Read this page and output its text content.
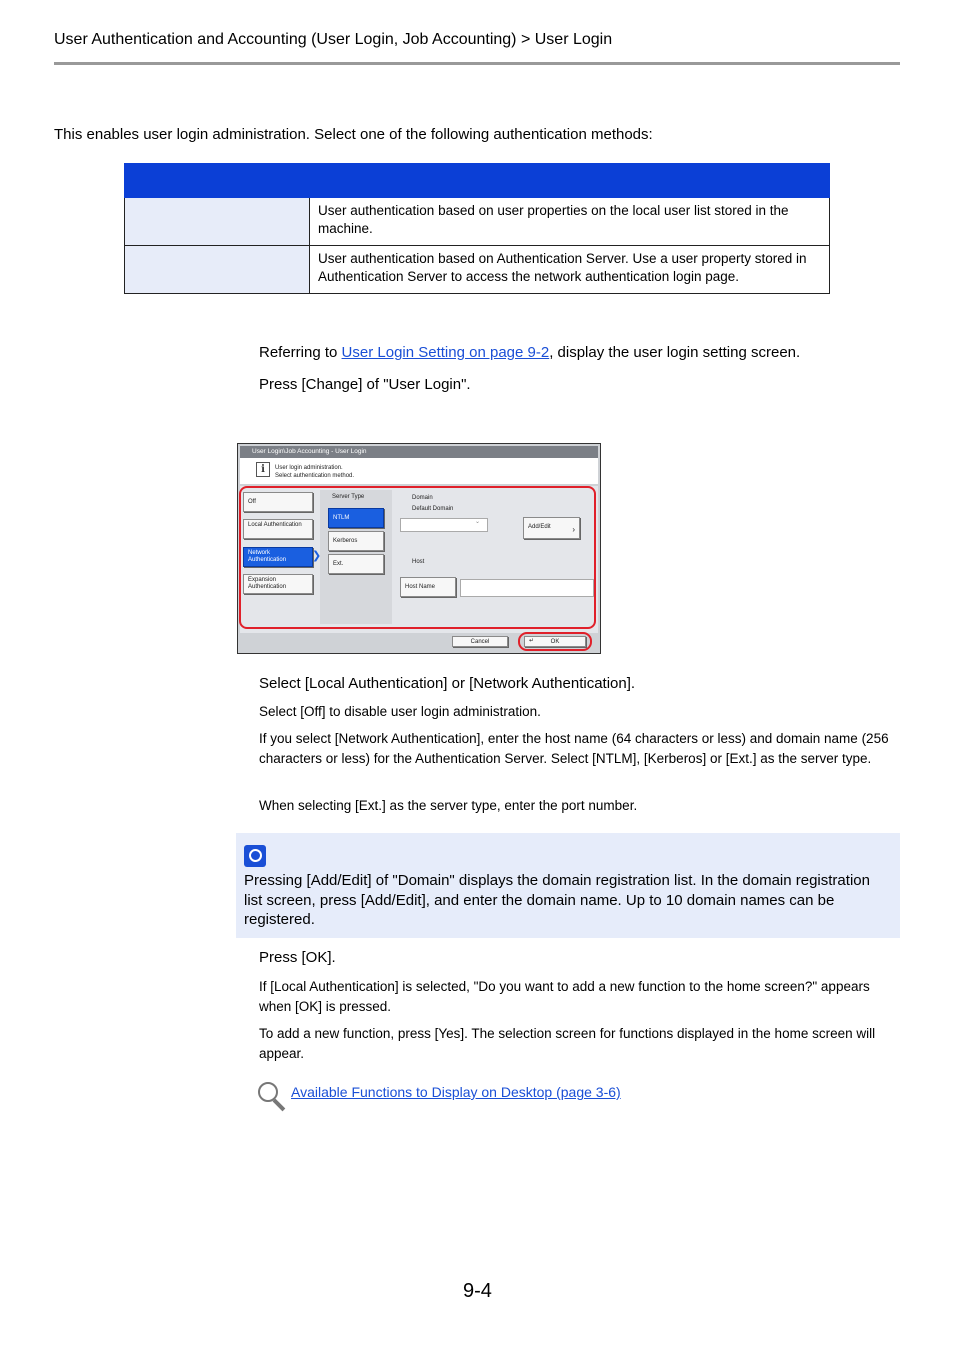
User Authentication and Accounting (User Login, Job Accounting) > User Login
This enables user login administration. Select one of the following authentication methods:

	User authentication based on user properties on the local user list stored in the machine.
	User authentication based on Authentication Server. Use a user property stored in Authentication Server to access the network authentication login page.
Referring to User Login Setting on page 9-2, display the user login setting screen.
Press [Change] of "User Login".
User Login\Job Accounting - User Login
i	User login administration.
Select authentication method.
Off
Local Authentication
Network Authentication	❯
Expansion Authentication
Server Type
NTLM
Kerberos
Ext.
Domain
Default Domain
⌄
Add/Edit	›
Host
Host Name
Cancel	↵	OK
Select [Local Authentication] or [Network Authentication].
Select [Off] to disable user login administration.
If you select [Network Authentication], enter the host name (64 characters or less) and domain name (256 characters or less) for the Authentication Server. Select [NTLM], [Kerberos] or [Ext.] as the server type.
When selecting [Ext.] as the server type, enter the port number.
Pressing [Add/Edit] of "Domain" displays the domain registration list. In the domain registration list screen, press [Add/Edit], and enter the domain name. Up to 10 domain names can be registered.
Press [OK].
If [Local Authentication] is selected, "Do you want to add a new function to the home screen?" appears when [OK] is pressed.
To add a new function, press [Yes]. The selection screen for functions displayed in the home screen will appear.
Available Functions to Display on Desktop (page 3-6)
9-4
